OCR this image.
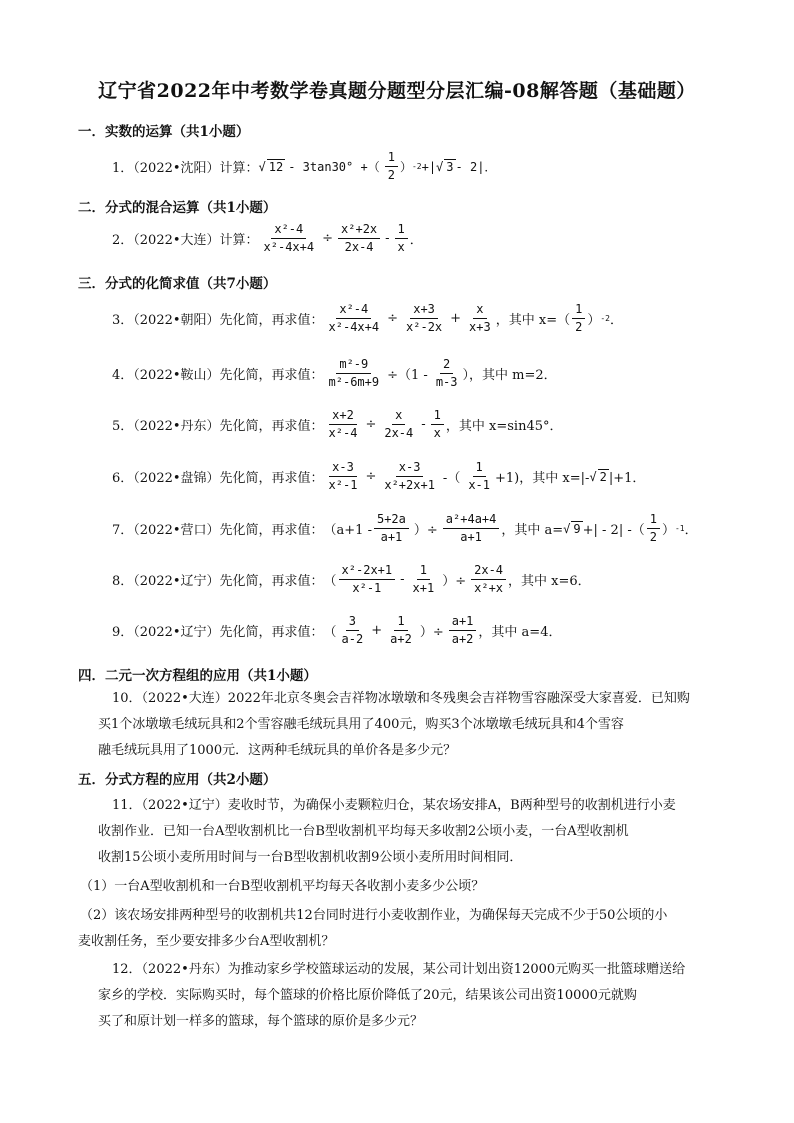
辽宁省2022年中考数学卷真题分题型分层汇编-08解答题（基础题）
一．实数的运算（共1小题）
1．（2022•沈阳）计算： √ 12 - 3tan30° +（ $\frac{1}{2}$ ） -2 +| √ 3 - 2|．
二．分式的混合运算（共1小题）
2．（2022•大连）计算： $\frac{\text{x²-4}}{\text{x²-4x+4}} \div \frac{\text{x²+2x}}{2x-4} - \frac{1}{x}$ ．
三．分式的化简求值（共7小题）
3．（2022•朝阳）先化简，再求值： $\frac{\text{x²-4}}{\text{x²-4x+4}} \div \frac{x+3}{\text{x²-2x}} + \frac{x}{x+3}$ ，其中 $x=( \frac{1}{2}$ ） -2 ．
4．（2022•鞍山）先化简，再求值： $\frac{\text{m²-9}}{\text{m²-6m+9}} \div(1 - \frac{2}{m-3}$ ），其中 m=2．
5．（2022•丹东）先化简，再求值： $\frac{x+2}{\text{x²-4}} \div \frac{x}{2x-4} - \frac{1}{x}$ ，其中 x=sin45°．
6．（2022•盘锦）先化简，再求值： $\frac{x-3}{\text{x²-1}} \div \frac{x-3}{\text{x²+2x+1}}$ -（ $\frac{1}{x-1} +1$)，其中 x=|- √ 2 |+1．
7．（2022•营口）先化简，再求值： （$a+1 - \frac{5+2a}{a+1}$ ）÷ $\frac{\text{a²+4a+4}}{a+1}$ ，其中 a= √ 9 +| - 2| -（ $\frac{1}{2}$ ） -1 ．
8．（2022•辽宁）先化简，再求值： （ $\frac{\text{x²-2x+1}}{\text{x²-1}} - \frac{1}{x+1}$ ）÷ $\frac{2x-4}{\text{x²+x}}$ ，其中 x=6．
9．（2022•辽宁）先化简，再求值： （ $\frac{3}{a-2} + \frac{1}{a+2}$ ）÷ $\frac{a+1}{a+2}$ ，其中 a=4．
四．二元一次方程组的应用（共1小题）

10．（2022•大连）2022年北京冬奥会吉祥物冰墩墩和冬残奥会吉祥物雪容融深受大家喜爱．已知购

买1个冰墩墩毛绒玩具和2个雪容融毛绒玩具用了400元，购买3个冰墩墩毛绒玩具和4个雪容

融毛绒玩具用了1000元．这两种毛绒玩具的单价各是多少元？

五．分式方程的应用（共2小题）

11．（2022•辽宁）麦收时节，为确保小麦颗粒归仓，某农场安排A，B两种型号的收割机进行小麦

收割作业．已知一台A型收割机比一台B型收割机平均每天多收割2公顷小麦，一台A型收割机

收割15公顷小麦所用时间与一台B型收割机收割9公顷小麦所用时间相同．

（1）一台A型收割机和一台B型收割机平均每天各收割小麦多少公顷？

（2）该农场安排两种型号的收割机共12台同时进行小麦收割作业，为确保每天完成不少于50公顷的小

麦收割任务，至少要安排多少台A型收割机？

12．（2022•丹东）为推动家乡学校篮球运动的发展，某公司计划出资12000元购买一批篮球赠送给

家乡的学校．实际购买时，每个篮球的价格比原价降低了20元，结果该公司出资10000元就购

买了和原计划一样多的篮球，每个篮球的原价是多少元？
